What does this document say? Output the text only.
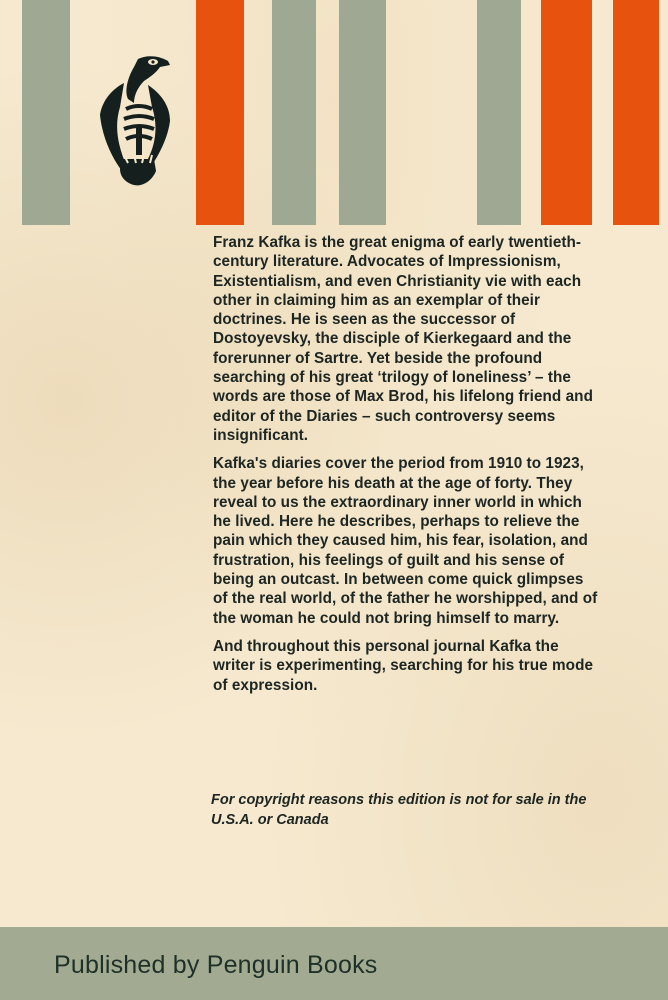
Franz Kafka is the great enigma of early twentieth-century literature. Advocates of Impressionism, Existentialism, and even Christianity vie with each other in claiming him as an exemplar of their doctrines. He is seen as the successor of Dostoyevsky, the disciple of Kierkegaard and the forerunner of Sartre. Yet beside the profound searching of his great ‘trilogy of loneliness’ – the words are those of Max Brod, his lifelong friend and editor of the Diaries – such controversy seems insignificant.

Kafka's diaries cover the period from 1910 to 1923, the year before his death at the age of forty. They reveal to us the extraordinary inner world in which he lived. Here he describes, perhaps to relieve the pain which they caused him, his fear, isolation, and frustration, his feelings of guilt and his sense of being an outcast. In between come quick glimpses of the real world, of the father he worshipped, and of the woman he could not bring himself to marry.

And throughout this personal journal Kafka the writer is experimenting, searching for his true mode of expression.

For copyright reasons this edition is not for sale in the U.S.A. or Canada
Published by Penguin Books
